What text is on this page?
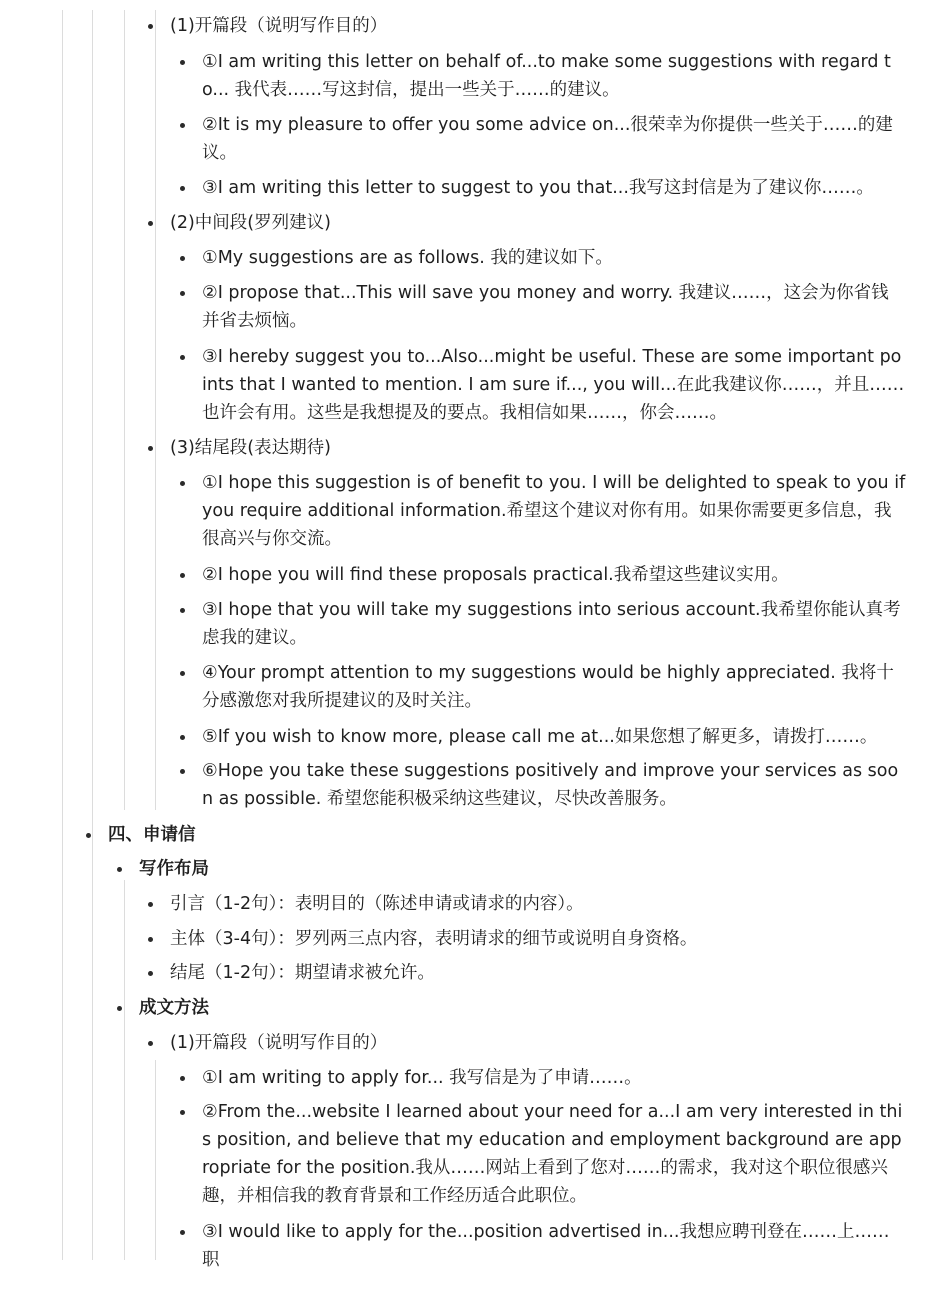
(1)开篇段（说明写作目的）
①I am writing this letter on behalf of...to make some suggestions with regard to... 我代表……写这封信，提出一些关于……的建议。
②It is my pleasure to offer you some advice on...很荣幸为你提供一些关于……的建议。
③I am writing this letter to suggest to you that...我写这封信是为了建议你……。
(2)中间段(罗列建议)
①My suggestions are as follows. 我的建议如下。
②I propose that...This will save you money and worry. 我建议……，这会为你省钱并省去烦恼。
③I hereby suggest you to...Also...might be useful. These are some important points that I wanted to mention. I am sure if..., you will...在此我建议你……，并且……也许会有用。这些是我想提及的要点。我相信如果……，你会……。
(3)结尾段(表达期待)
①I hope this suggestion is of benefit to you. I will be delighted to speak to you if you require additional information.希望这个建议对你有用。如果你需要更多信息，我很高兴与你交流。
②I hope you will find these proposals practical.我希望这些建议实用。
③I hope that you will take my suggestions into serious account.我希望你能认真考虑我的建议。
④Your prompt attention to my suggestions would be highly appreciated. 我将十分感激您对我所提建议的及时关注。
⑤If you wish to know more, please call me at...如果您想了解更多，请拨打……。
⑥Hope you take these suggestions positively and improve your services as soon as possible. 希望您能积极采纳这些建议，尽快改善服务。
四、申请信
写作布局
引言（1-2句）：表明目的（陈述申请或请求的内容）。
主体（3-4句）：罗列两三点内容，表明请求的细节或说明自身资格。
结尾（1-2句）：期望请求被允许。
成文方法
(1)开篇段（说明写作目的）
①I am writing to apply for... 我写信是为了申请……。
②From the...website I learned about your need for a...I am very interested in this position, and believe that my education and employment background are appropriate for the position.我从……网站上看到了您对……的需求，我对这个职位很感兴趣，并相信我的教育背景和工作经历适合此职位。
③I would like to apply for the...position advertised in...我想应聘刊登在……上……职
